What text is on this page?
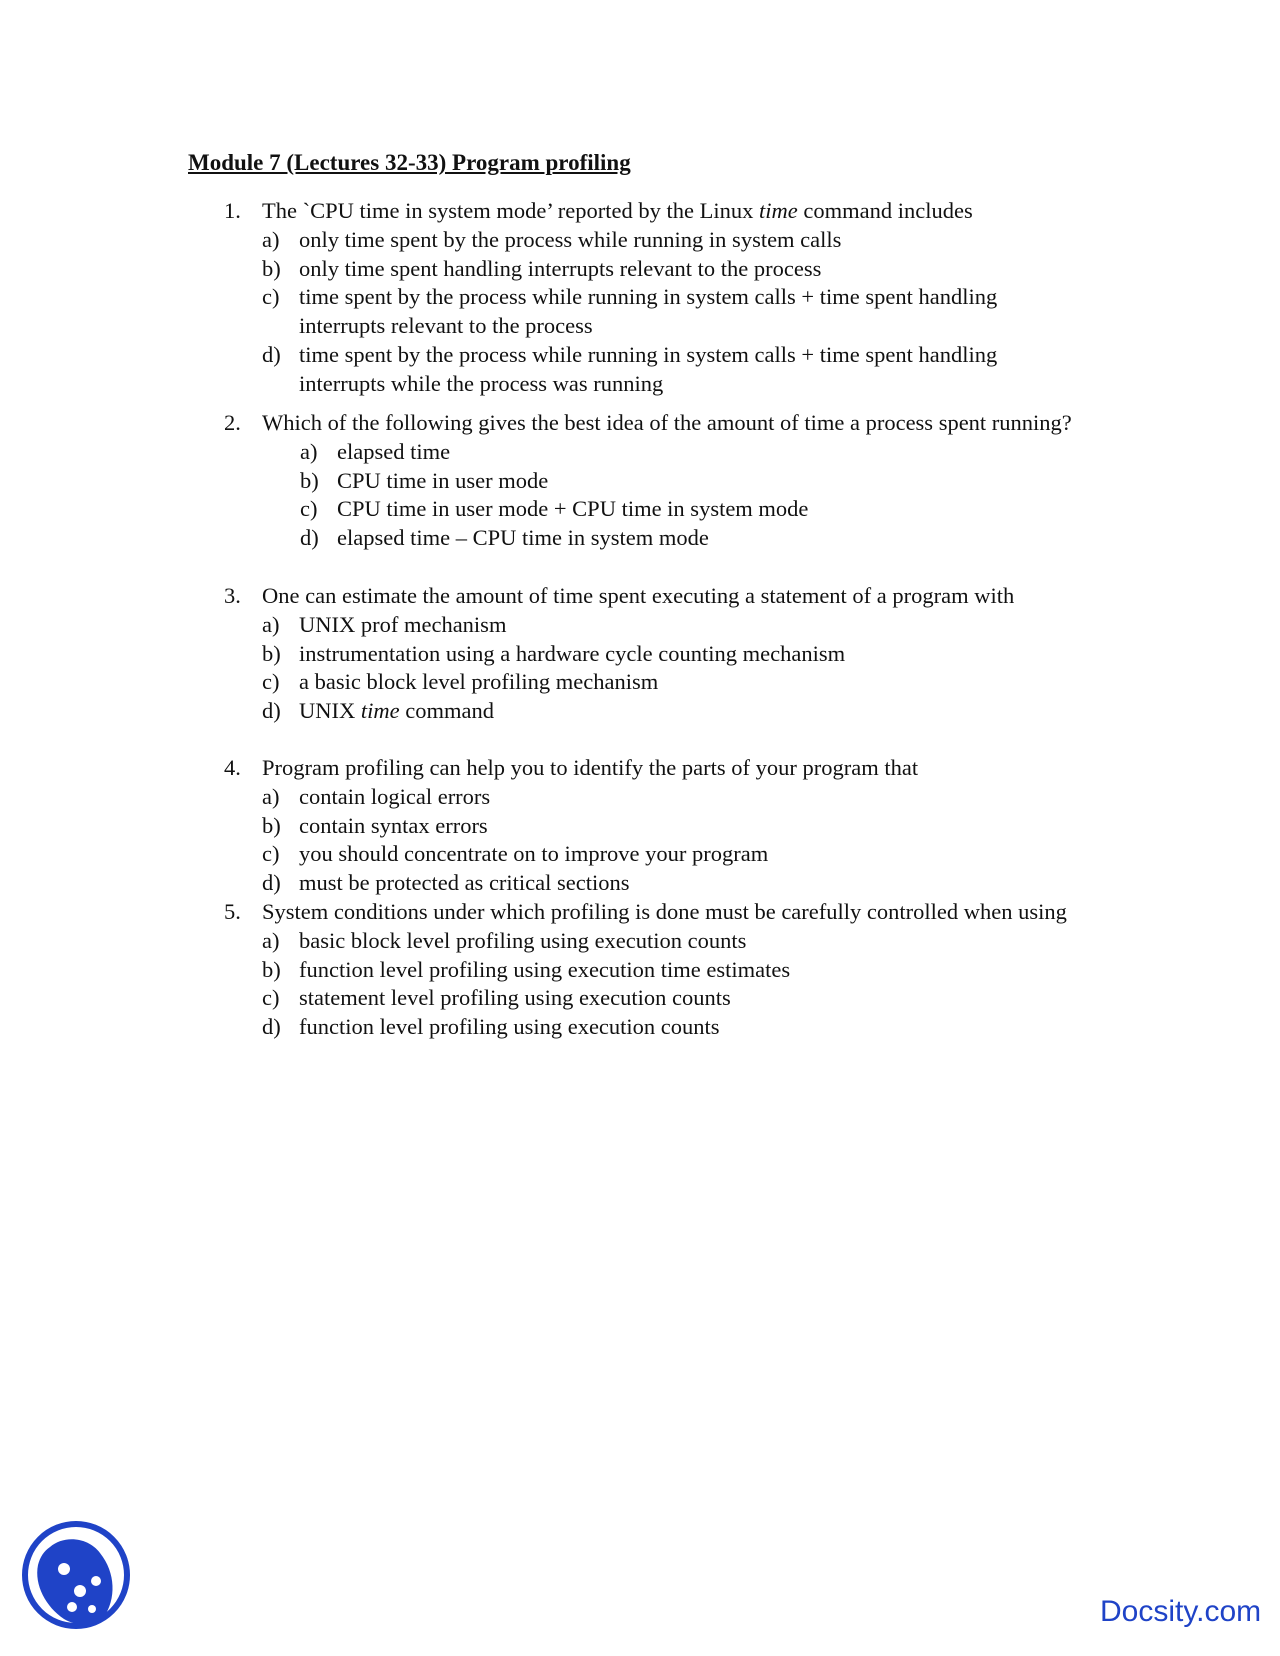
Module 7 (Lectures 32-33) Program profiling
1. The `CPU time in system mode’ reported by the Linux time command includes
a) only time spent by the process while running in system calls
b) only time spent handling interrupts relevant to the process
c) time spent by the process while running in system calls + time spent handling interrupts relevant to the process
d) time spent by the process while running in system calls + time spent handling interrupts while the process was running
2. Which of the following gives the best idea of the amount of time a process spent running?
a) elapsed time
b) CPU time in user mode
c) CPU time in user mode + CPU time in system mode
d) elapsed time – CPU time in system mode
3. One can estimate the amount of time spent executing a statement of a program with
a) UNIX prof mechanism
b) instrumentation using a hardware cycle counting mechanism
c) a basic block level profiling mechanism
d) UNIX time command
4. Program profiling can help you to identify the parts of your program that
a) contain logical errors
b) contain syntax errors
c) you should concentrate on to improve your program
d) must be protected as critical sections
5. System conditions under which profiling is done must be carefully controlled when using
a) basic block level profiling using execution counts
b) function level profiling using execution time estimates
c) statement level profiling using execution counts
d) function level profiling using execution counts
Docsity.com
